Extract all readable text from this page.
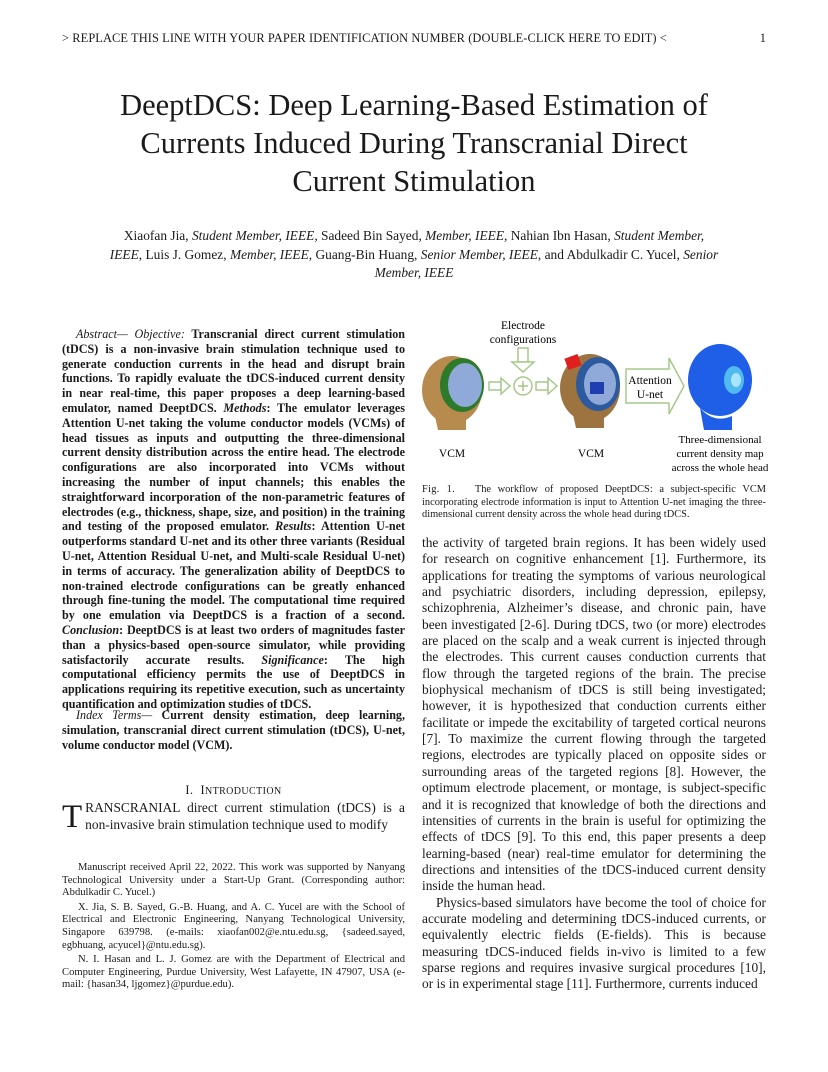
> REPLACE THIS LINE WITH YOUR PAPER IDENTIFICATION NUMBER (DOUBLE-CLICK HERE TO EDIT) <	1
DeeptDCS: Deep Learning-Based Estimation of
Currents Induced During Transcranial Direct
Current Stimulation
Xiaofan Jia, Student Member, IEEE, Sadeed Bin Sayed, Member, IEEE, Nahian Ibn Hasan, Student Member, IEEE, Luis J. Gomez, Member, IEEE, Guang-Bin Huang, Senior Member, IEEE, and Abdulkadir C. Yucel, Senior Member, IEEE
Abstract— Objective: Transcranial direct current stimulation (tDCS) is a non-invasive brain stimulation technique used to generate conduction currents in the head and disrupt brain functions. To rapidly evaluate the tDCS-induced current density in near real-time, this paper proposes a deep learning-based emulator, named DeeptDCS. Methods: The emulator leverages Attention U-net taking the volume conductor models (VCMs) of head tissues as inputs and outputting the three-dimensional current density distribution across the entire head. The electrode configurations are also incorporated into VCMs without increasing the number of input channels; this enables the straightforward incorporation of the non-parametric features of electrodes (e.g., thickness, shape, size, and position) in the training and testing of the proposed emulator. Results: Attention U-net outperforms standard U-net and its other three variants (Residual U-net, Attention Residual U-net, and Multi-scale Residual U-net) in terms of accuracy. The generalization ability of DeeptDCS to non-trained electrode configurations can be greatly enhanced through fine-tuning the model. The computational time required by one emulation via DeeptDCS is a fraction of a second. Conclusion: DeeptDCS is at least two orders of magnitudes faster than a physics-based open-source simulator, while providing satisfactorily accurate results. Significance: The high computational efficiency permits the use of DeeptDCS in applications requiring its repetitive execution, such as uncertainty quantification and optimization studies of tDCS.
Index Terms— Current density estimation, deep learning, simulation, transcranial direct current stimulation (tDCS), U-net, volume conductor model (VCM).
I. INTRODUCTION
TRANSCRANIAL direct current stimulation (tDCS) is a non-invasive brain stimulation technique used to modify

Manuscript received April 22, 2022. This work was supported by Nanyang Technological University under a Start-Up Grant. (Corresponding author: Abdulkadir C. Yucel.)

X. Jia, S. B. Sayed, G.-B. Huang, and A. C. Yucel are with the School of Electrical and Electronic Engineering, Nanyang Technological University, Singapore 639798. (e-mails: xiaofan002@e.ntu.edu.sg, {sadeed.sayed, egbhuang, acyucel}@ntu.edu.sg).

N. I. Hasan and L. J. Gomez are with the Department of Electrical and Computer Engineering, Purdue University, West Lafayette, IN 47907, USA (e-mail: {hasan34, ljgomez}@purdue.edu).

Electrode
configurations
Attention
U-net
VCM	VCM
Three-dimensional
current density map
across the whole head
Fig. 1. The workflow of proposed DeeptDCS: a subject-specific VCM incorporating electrode information is input to Attention U-net imaging the three-dimensional current density across the whole head during tDCS.

the activity of targeted brain regions. It has been widely used for research on cognitive enhancement [1]. Furthermore, its applications for treating the symptoms of various neurological and psychiatric disorders, including depression, epilepsy, schizophrenia, Alzheimer’s disease, and chronic pain, have been investigated [2-6]. During tDCS, two (or more) electrodes are placed on the scalp and a weak current is injected through the electrodes. This current causes conduction currents that flow through the targeted regions of the brain. The precise biophysical mechanism of tDCS is still being investigated; however, it is hypothesized that conduction currents either facilitate or impede the excitability of targeted cortical neurons [7]. To maximize the current flowing through the targeted regions, electrodes are typically placed on opposite sides or surrounding areas of the targeted regions [8]. However, the optimum electrode placement, or montage, is subject-specific and it is recognized that knowledge of both the directions and intensities of currents in the brain is useful for optimizing the effects of tDCS [9]. To this end, this paper presents a deep learning-based (near) real-time emulator for determining the directions and intensities of the tDCS-induced current density inside the human head.

Physics-based simulators have become the tool of choice for accurate modeling and determining tDCS-induced currents, or equivalently electric fields (E-fields). This is because measuring tDCS-induced fields in-vivo is limited to a few sparse regions and requires invasive surgical procedures [10], or is in experimental stage [11]. Furthermore, currents induced
